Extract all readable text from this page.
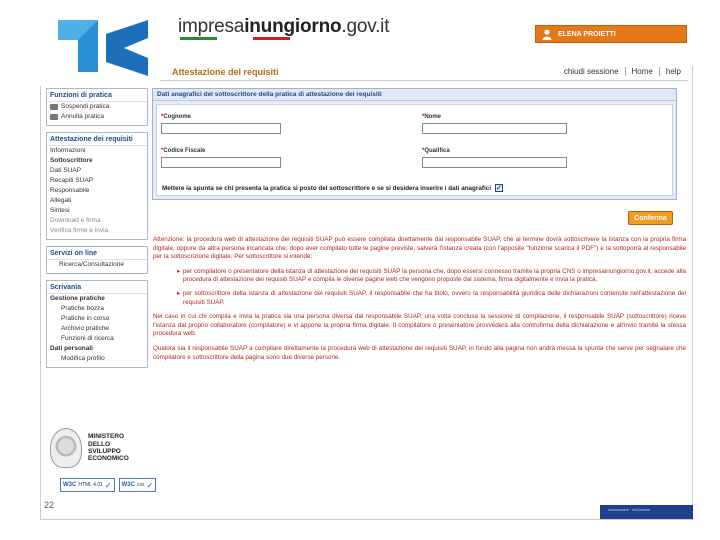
impresainungiorno.gov.it	ELENA PROIETTI
Attestazione dei requisiti	chiudi sessione	Home	help
Funzioni di pratica
Sospendi pratica
Annulla pratica
Attestazione dei requisiti
Informazioni
Sottoscrittore
Dati SUAP
Recapiti SUAP
Responsabile
Allegati
Sintesi
Download e firma
Verifica firme e invia
Servizi on line
Ricerca/Consultazione
Scrivania
Gestione pratiche
Pratiche bozza
Pratiche in corso
Archivio pratiche
Funzioni di ricerca
Dati personali
Modifica profilo
MINISTERO
DELLO
SVILUPPO
ECONOMICO
W3C HTML 4.01 ✓ W3C css ✓
Dati anagrafici del sottoscrittore della pratica di attestazione dei requisiti
*Cognome	*Nome
*Codice Fiscale	*Qualifica
Mettere la spunta se chi presenta la pratica si posto del sottoscrittore e se si desidera inserire i dati anagrafici ✓
Conferma

Attenzione: la procedura web di attestazione dei requisiti SUAP può essere compilata direttamente dal responsabile SUAP, che al termine dovrà sottoscrivere la istanza con la propria firma digitale, oppure da altra persona incaricata che, dopo aver compilato tutte le pagine previste, salverà l'istanza creata (con l'apposite "funzione scarica il PDF") e la sottoporrà al responsabile per la sottoscrizione digitale. Per sottoscrittore si intende:

▸ per compilatore o presentatore della istanza di attestazione dei requisiti SUAP la persona che, dopo essersi connesso tramite la propria CNS o impresainungiorno.gov.it, accede alla procedura di attestazione dei requisiti SUAP e compila le diverse pagine web che vengono proposte dal sistema, firma digitalmente e invia la pratica.
▸ per sottoscrittore della istanza di attestazione dei requisiti SUAP, il responsabile che ha titolo, ovvero la responsabilità giuridica delle dichiarazioni contenute nell'attestazione dei requisiti SUAP.

Nel caso in cui chi compila e invia la pratica sia una persona diversa dal responsabile SUAP, una volta conclusa la sessione di compilazione, il responsabile SUAP (sottoscrittore) riceve l'istanza dal proprio collaboratore (compilatore) e vi appone la propria firma digitale. Il compilatore o presentatore provvederà alla controfirma della dichiarazione e all'invio tramite la stessa procedura web.

Qualora sia il responsabile SUAP a compilare direttamente la procedura web di attestazione dei requisiti SUAP, in fondo alla pagina non andrà messa la spunta che serve per segnalare che compilatore e sottoscrittore della pagina sono due diverse persone.

22	Unioncamere · InfoCamere
